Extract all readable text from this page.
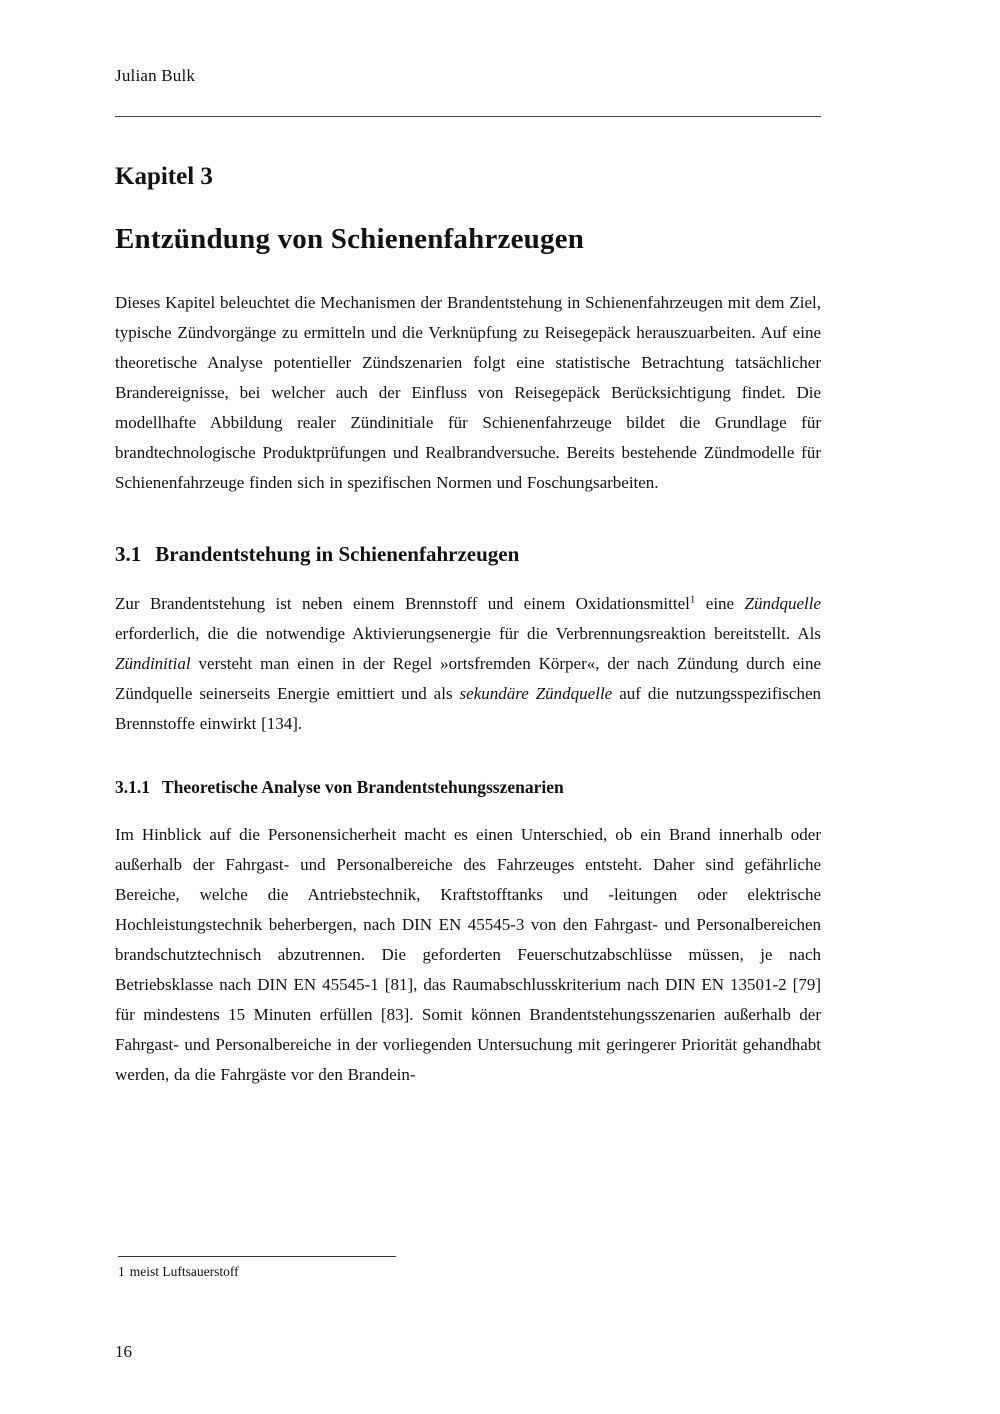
Julian Bulk
Kapitel 3
Entzündung von Schienenfahrzeugen

Dieses Kapitel beleuchtet die Mechanismen der Brandentstehung in Schienenfahrzeugen mit dem Ziel, typische Zündvorgänge zu ermitteln und die Verknüpfung zu Reisegepäck herauszuarbeiten. Auf eine theoretische Analyse potentieller Zündszenarien folgt eine statistische Betrachtung tatsächlicher Brandereignisse, bei welcher auch der Einfluss von Reisegepäck Berücksichtigung findet. Die modellhafte Abbildung realer Zündinitiale für Schienenfahrzeuge bildet die Grundlage für brandtechnologische Produktprüfungen und Realbrandversuche. Bereits bestehende Zündmodelle für Schienenfahrzeuge finden sich in spezifischen Normen und Foschungsarbeiten.

3.1 Brandentstehung in Schienenfahrzeugen

Zur Brandentstehung ist neben einem Brennstoff und einem Oxidationsmittel$^1$ eine Zündquelle erforderlich, die die notwendige Aktivierungsenergie für die Verbrennungsreaktion bereitstellt. Als Zündinitial versteht man einen in der Regel »ortsfremden Körper«, der nach Zündung durch eine Zündquelle seinerseits Energie emittiert und als sekundäre Zündquelle auf die nutzungsspezifischen Brennstoffe einwirkt [134].

3.1.1 Theoretische Analyse von Brandentstehungsszenarien

Im Hinblick auf die Personensicherheit macht es einen Unterschied, ob ein Brand innerhalb oder außerhalb der Fahrgast- und Personalbereiche des Fahrzeuges entsteht. Daher sind gefährliche Bereiche, welche die Antriebstechnik, Kraftstofftanks und -leitungen oder elektrische Hochleistungstechnik beherbergen, nach DIN EN 45545-3 von den Fahrgast- und Personalbereichen brandschutztechnisch abzutrennen. Die geforderten Feuerschutzabschlüsse müssen, je nach Betriebsklasse nach DIN EN 45545-1 [81], das Raumabschlusskriterium nach DIN EN 13501-2 [79] für mindestens 15 Minuten erfüllen [83]. Somit können Brandentstehungsszenarien außerhalb der Fahrgast- und Personalbereiche in der vorliegenden Untersuchung mit geringerer Priorität gehandhabt werden, da die Fahrgäste vor den Brandein-

1 meist Luftsauerstoff
16
